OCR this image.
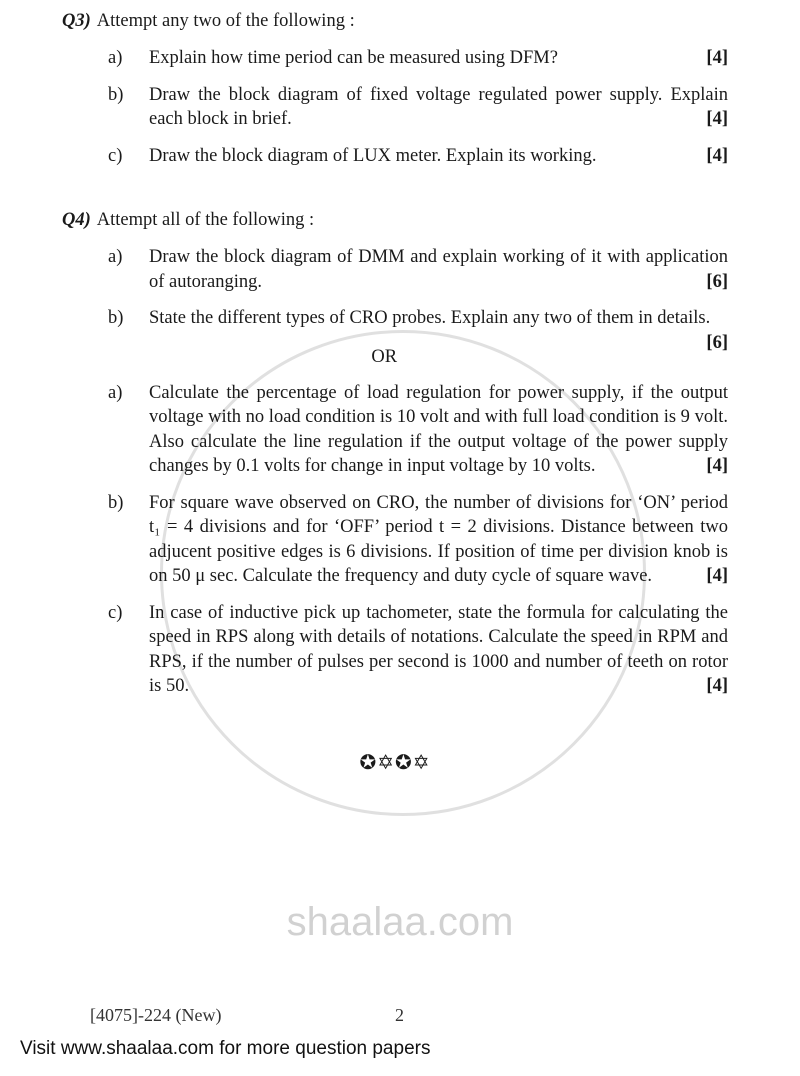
Q3) Attempt any two of the following :
a)	[4]
Explain how time period can be measured using DFM?
b) Draw the block diagram of fixed voltage regulated power supply. Explain each block in brief.	[4]
c)	[4]
Draw the block diagram of LUX meter. Explain its working.
Q4) Attempt all of the following :
a) Draw the block diagram of DMM and explain working of it with application of autoranging.	[6]
b) State the different types of CRO probes. Explain any two of them in details.
[6]
OR
a) Calculate the percentage of load regulation for power supply, if the output voltage with no load condition is 10 volt and with full load condition is 9 volt. Also calculate the line regulation if the output voltage of the power supply changes by 0.1 volts for change in input voltage by 10 volts.	[4]
b) For square wave observed on CRO, the number of divisions for ‘ON’ period t₁ = 4 divisions and for ‘OFF’ period t = 2 divisions. Distance between two adjucent positive edges is 6 divisions. If position of time per division knob is on 50 μ sec. Calculate the frequency and duty cycle of square wave.	[4]
c) In case of inductive pick up tachometer, state the formula for calculating the speed in RPS along with details of notations. Calculate the speed in RPM and RPS, if the number of pulses per second is 1000 and number of teeth on rotor is 50.	[4]
✪✡✪✡
shaalaa.com
[4075]-224 (New)	2
Visit www.shaalaa.com for more question papers
